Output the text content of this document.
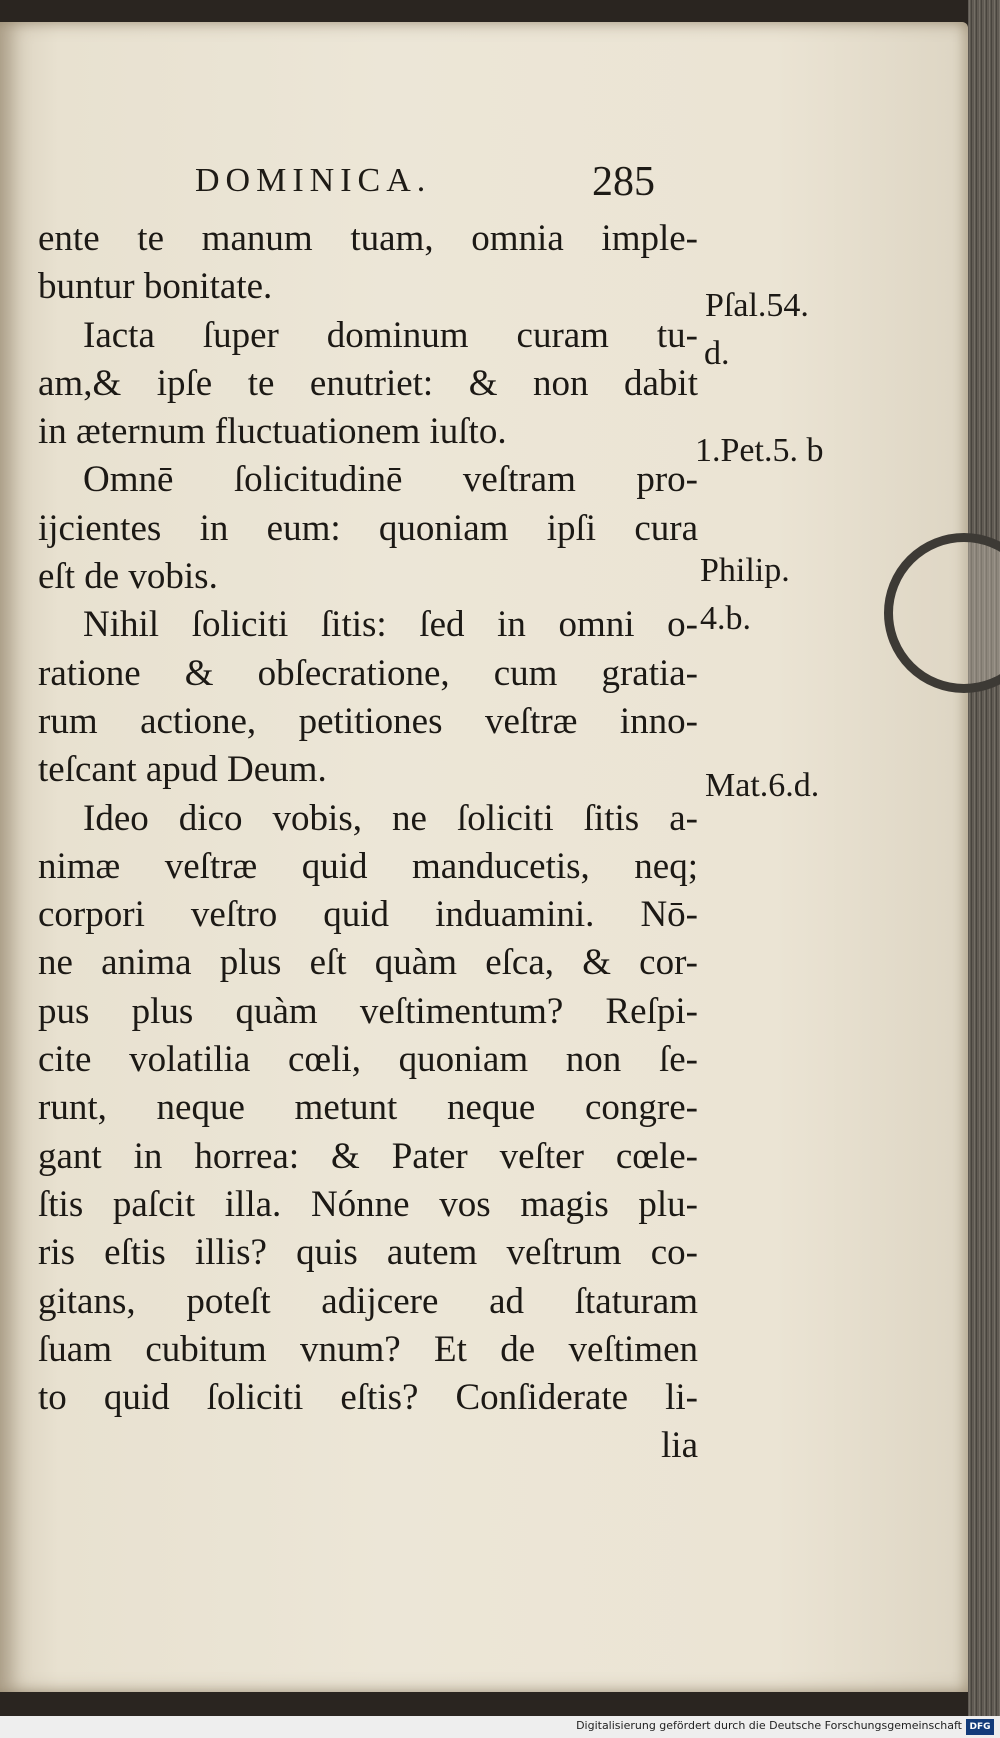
DOMINICA.	285
ente te manum tuam, omnia imple-
buntur bonitate.
Iacta ſuper dominum curam tu-
am,& ipſe te enutriet: & non dabit
in æternum fluctuationem iuſto.
Omnē ſolicitudinē veſtram pro-
ijcientes in eum: quoniam ipſi cura
eſt de vobis.
Nihil ſoliciti ſitis: ſed in omni o-
ratione & obſecratione, cum gratia-
rum actione, petitiones veſtræ inno-
teſcant apud Deum.
Ideo dico vobis, ne ſoliciti ſitis a-
nimæ veſtræ quid manducetis, neq;
corpori veſtro quid induamini. Nō-
ne anima plus eſt quàm eſca, & cor-
pus plus quàm veſtimentum? Reſpi-
cite volatilia cœli, quoniam non ſe-
runt, neque metunt neque congre-
gant in horrea: & Pater veſter cœle-
ſtis paſcit illa. Nónne vos magis plu-
ris eſtis illis? quis autem veſtrum co-
gitans, poteſt adijcere ad ſtaturam
ſuam cubitum vnum? Et de veſtimen
to quid ſoliciti eſtis? Conſiderate li-
lia
Pſal.54.
d.
1.Pet.5. b
Philip.
4.b.
Mat.6.d.
Digitalisierung gefördert durch die Deutsche Forschungsgemeinschaft DFG
